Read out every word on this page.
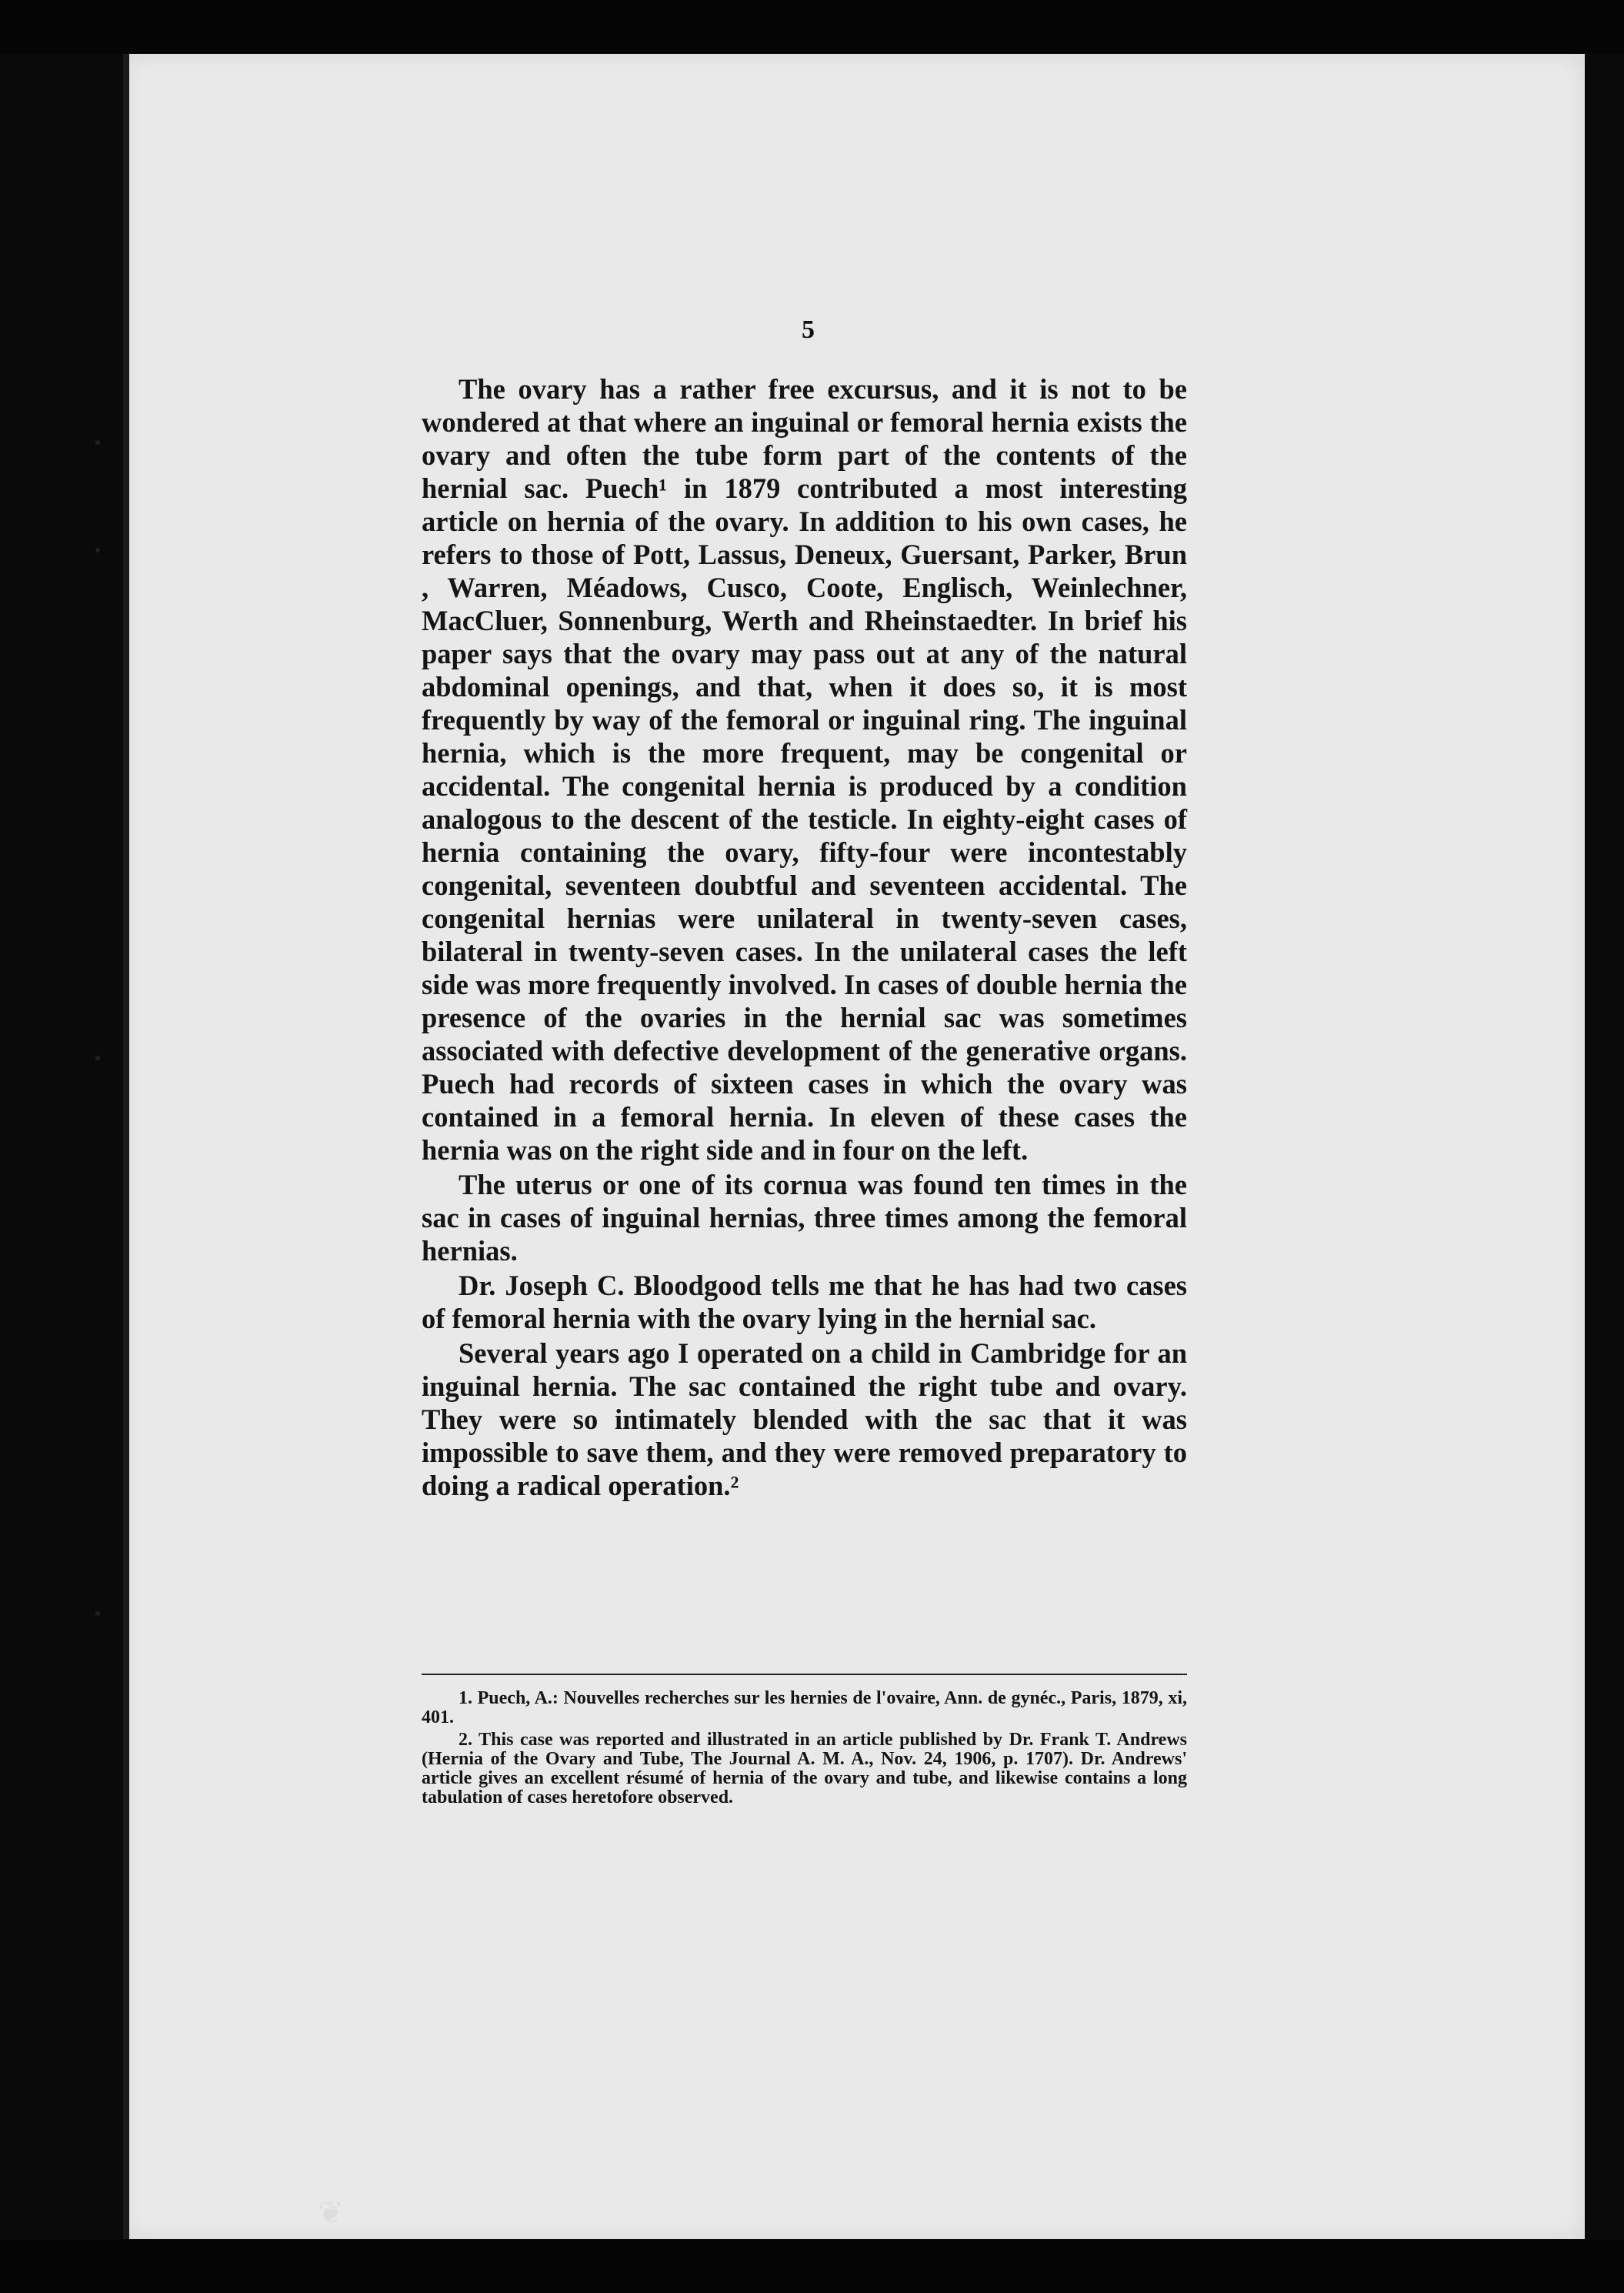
5

The ovary has a rather free excursus, and it is not to be wondered at that where an inguinal or femoral hernia exists the ovary and often the tube form part of the contents of the hernial sac. Puech¹ in 1879 contributed a most interesting article on hernia of the ovary. In addition to his own cases, he refers to those of Pott, Lassus, Deneux, Guersant, Parker, Brun , Warren, Méadows, Cusco, Coote, Englisch, Weinlechner, MacCluer, Sonnenburg, Werth and Rheinstaedter. In brief his paper says that the ovary may pass out at any of the natural abdominal openings, and that, when it does so, it is most frequently by way of the femoral or inguinal ring. The inguinal hernia, which is the more frequent, may be congenital or accidental. The congenital hernia is produced by a condition analogous to the descent of the testicle. In eighty-eight cases of hernia containing the ovary, fifty-four were incontestably congenital, seventeen doubtful and seventeen accidental. The congenital hernias were unilateral in twenty-seven cases, bilateral in twenty-seven cases. In the unilateral cases the left side was more frequently involved. In cases of double hernia the presence of the ovaries in the hernial sac was sometimes associated with defective development of the generative organs. Puech had records of sixteen cases in which the ovary was contained in a femoral hernia. In eleven of these cases the hernia was on the right side and in four on the left.

The uterus or one of its cornua was found ten times in the sac in cases of inguinal hernias, three times among the femoral hernias.

Dr. Joseph C. Bloodgood tells me that he has had two cases of femoral hernia with the ovary lying in the hernial sac.

Several years ago I operated on a child in Cambridge for an inguinal hernia. The sac contained the right tube and ovary. They were so intimately blended with the sac that it was impossible to save them, and they were removed preparatory to doing a radical operation.²

1. Puech, A.: Nouvelles recherches sur les hernies de l'ovaire, Ann. de gynéc., Paris, 1879, xi, 401.

2. This case was reported and illustrated in an article published by Dr. Frank T. Andrews (Hernia of the Ovary and Tube, The Journal A. M. A., Nov. 24, 1906, p. 1707). Dr. Andrews' article gives an excellent résumé of hernia of the ovary and tube, and likewise contains a long tabulation of cases heretofore observed.

❦
